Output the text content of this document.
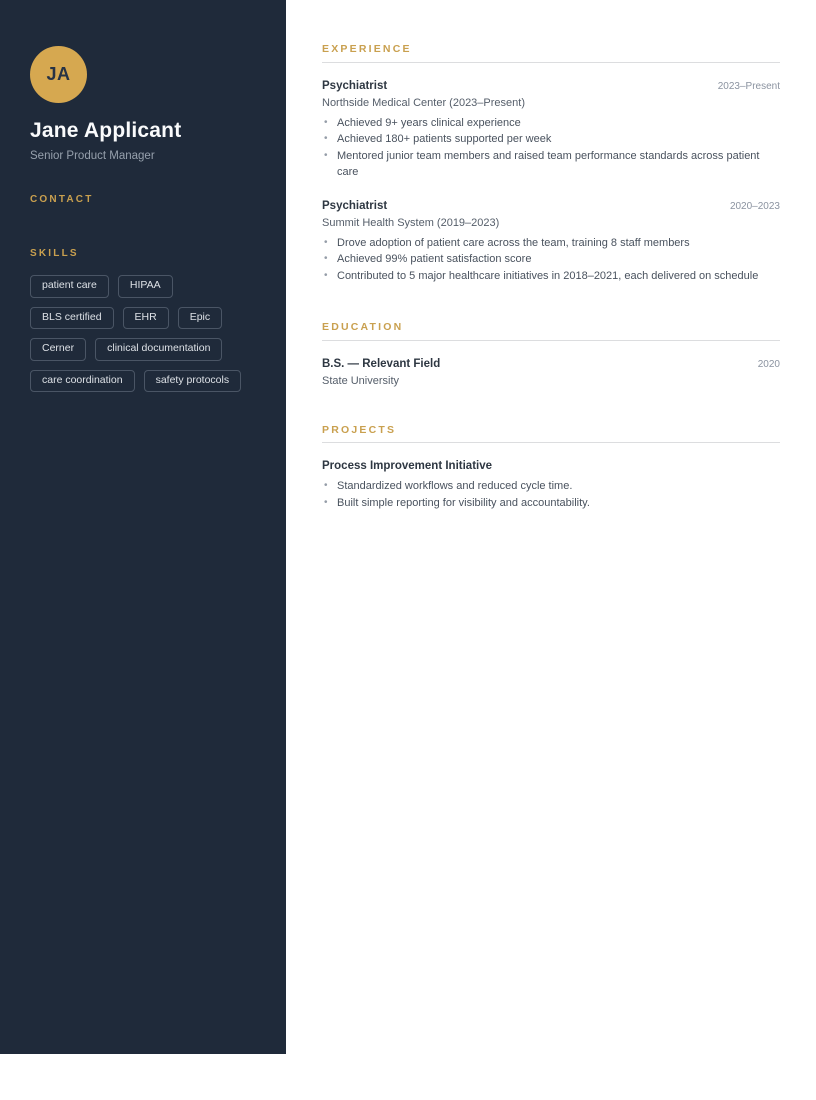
JA
Jane Applicant
Senior Product Manager
CONTACT
SKILLS
patient care	HIPAA
BLS certified	EHR	Epic
Cerner	clinical documentation
care coordination	safety protocols
EXPERIENCE
Psychiatrist	2023–Present
Northside Medical Center (2023–Present)
• Achieved 9+ years clinical experience
• Achieved 180+ patients supported per week
• Mentored junior team members and raised team performance standards across patient care
Psychiatrist	2020–2023
Summit Health System (2019–2023)
• Drove adoption of patient care across the team, training 8 staff members
• Achieved 99% patient satisfaction score
• Contributed to 5 major healthcare initiatives in 2018–2021, each delivered on schedule
EDUCATION
B.S. — Relevant Field	2020
State University
PROJECTS
Process Improvement Initiative
• Standardized workflows and reduced cycle time.
• Built simple reporting for visibility and accountability.
